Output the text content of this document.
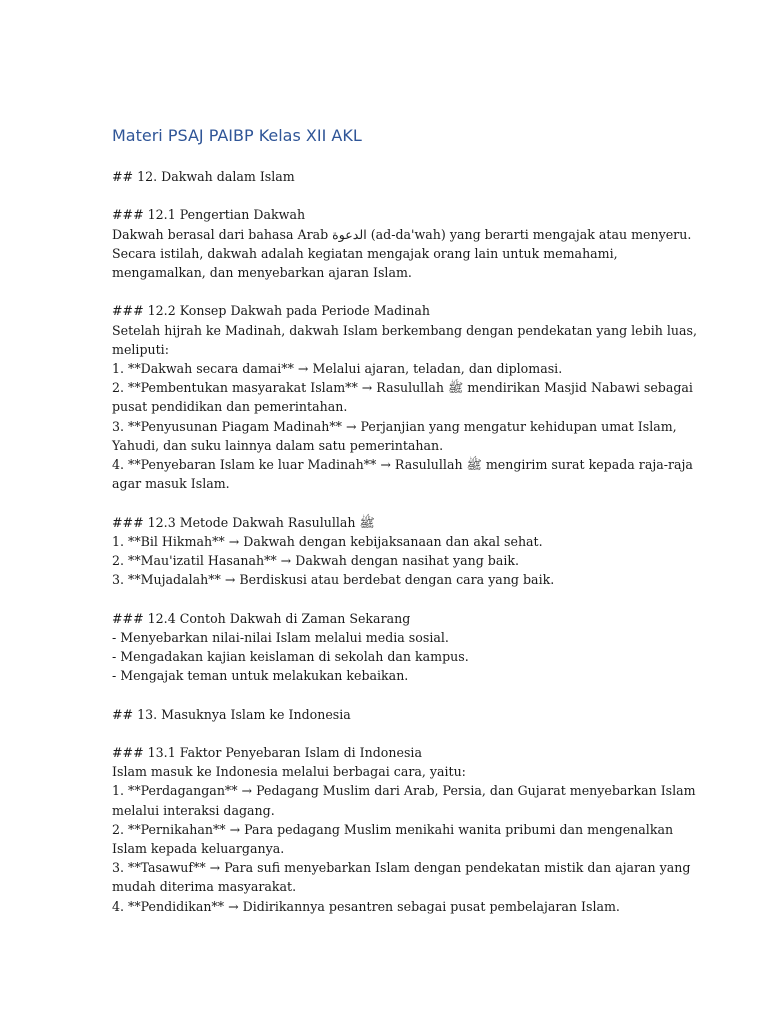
Materi PSAJ PAIBP Kelas XII AKL
## 12. Dakwah dalam Islam
### 12.1 Pengertian Dakwah
Dakwah berasal dari bahasa Arab الدعوة (ad-da'wah) yang berarti mengajak atau menyeru.
Secara istilah, dakwah adalah kegiatan mengajak orang lain untuk memahami,
mengamalkan, dan menyebarkan ajaran Islam.
### 12.2 Konsep Dakwah pada Periode Madinah
Setelah hijrah ke Madinah, dakwah Islam berkembang dengan pendekatan yang lebih luas,
meliputi:
1. **Dakwah secara damai** → Melalui ajaran, teladan, dan diplomasi.
2. **Pembentukan masyarakat Islam** → Rasulullah ﷺ mendirikan Masjid Nabawi sebagai
pusat pendidikan dan pemerintahan.
3. **Penyusunan Piagam Madinah** → Perjanjian yang mengatur kehidupan umat Islam,
Yahudi, dan suku lainnya dalam satu pemerintahan.
4. **Penyebaran Islam ke luar Madinah** → Rasulullah ﷺ mengirim surat kepada raja-raja
agar masuk Islam.
### 12.3 Metode Dakwah Rasulullah ﷺ
1. **Bil Hikmah** → Dakwah dengan kebijaksanaan dan akal sehat.
2. **Mau'izatil Hasanah** → Dakwah dengan nasihat yang baik.
3. **Mujadalah** → Berdiskusi atau berdebat dengan cara yang baik.
### 12.4 Contoh Dakwah di Zaman Sekarang
- Menyebarkan nilai-nilai Islam melalui media sosial.
- Mengadakan kajian keislaman di sekolah dan kampus.
- Mengajak teman untuk melakukan kebaikan.
## 13. Masuknya Islam ke Indonesia
### 13.1 Faktor Penyebaran Islam di Indonesia
Islam masuk ke Indonesia melalui berbagai cara, yaitu:
1. **Perdagangan** → Pedagang Muslim dari Arab, Persia, dan Gujarat menyebarkan Islam
melalui interaksi dagang.
2. **Pernikahan** → Para pedagang Muslim menikahi wanita pribumi dan mengenalkan
Islam kepada keluarganya.
3. **Tasawuf** → Para sufi menyebarkan Islam dengan pendekatan mistik dan ajaran yang
mudah diterima masyarakat.
4. **Pendidikan** → Didirikannya pesantren sebagai pusat pembelajaran Islam.
